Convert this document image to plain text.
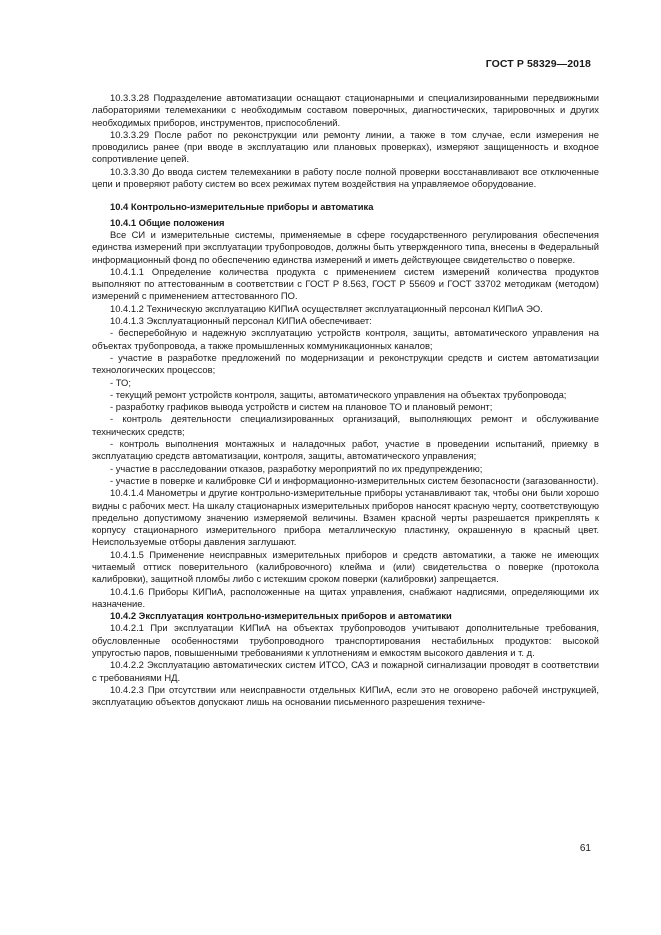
ГОСТ Р 58329—2018

10.3.3.28 Подразделение автоматизации оснащают стационарными и специализированными передвижными лабораториями телемеханики с необходимым составом поверочных, диагностических, тарировочных и других необходимых приборов, инструментов, приспособлений.

10.3.3.29 После работ по реконструкции или ремонту линии, а также в том случае, если измерения не проводились ранее (при вводе в эксплуатацию или плановых проверках), измеряют защищенность и входное сопротивление цепей.

10.3.3.30 До ввода систем телемеханики в работу после полной проверки восстанавливают все отключенные цепи и проверяют работу систем во всех режимах путем воздействия на управляемое оборудование.

10.4 Контрольно-измерительные приборы и автоматика

10.4.1 Общие положения

Все СИ и измерительные системы, применяемые в сфере государственного регулирования обеспечения единства измерений при эксплуатации трубопроводов, должны быть утвержденного типа, внесены в Федеральный информационный фонд по обеспечению единства измерений и иметь действующее свидетельство о поверке.

10.4.1.1 Определение количества продукта с применением систем измерений количества продуктов выполняют по аттестованным в соответствии с ГОСТ Р 8.563, ГОСТ Р 55609 и ГОСТ 33702 методикам (методом) измерений с применением аттестованного ПО.

10.4.1.2 Техническую эксплуатацию КИПиА осуществляет эксплуатационный персонал КИПиА ЭО.

10.4.1.3 Эксплуатационный персонал КИПиА обеспечивает:

- бесперебойную и надежную эксплуатацию устройств контроля, защиты, автоматического управления на объектах трубопровода, а также промышленных коммуникационных каналов;

- участие в разработке предложений по модернизации и реконструкции средств и систем автоматизации технологических процессов;

- ТО;

- текущий ремонт устройств контроля, защиты, автоматического управления на объектах трубопровода;

- разработку графиков вывода устройств и систем на плановое ТО и плановый ремонт;

- контроль деятельности специализированных организаций, выполняющих ремонт и обслуживание технических средств;

- контроль выполнения монтажных и наладочных работ, участие в проведении испытаний, приемку в эксплуатацию средств автоматизации, контроля, защиты, автоматического управления;

- участие в расследовании отказов, разработку мероприятий по их предупреждению;

- участие в поверке и калибровке СИ и информационно-измерительных систем безопасности (загазованности).

10.4.1.4 Манометры и другие контрольно-измерительные приборы устанавливают так, чтобы они были хорошо видны с рабочих мест. На шкалу стационарных измерительных приборов наносят красную черту, соответствующую предельно допустимому значению измеряемой величины. Взамен красной черты разрешается прикреплять к корпусу стационарного измерительного прибора металлическую пластинку, окрашенную в красный цвет. Неиспользуемые отборы давления заглушают.

10.4.1.5 Применение неисправных измерительных приборов и средств автоматики, а также не имеющих читаемый оттиск поверительного (калибровочного) клейма и (или) свидетельства о поверке (протокола калибровки), защитной пломбы либо с истекшим сроком поверки (калибровки) запрещается.

10.4.1.6 Приборы КИПиА, расположенные на щитах управления, снабжают надписями, определяющими их назначение.

10.4.2 Эксплуатация контрольно-измерительных приборов и автоматики

10.4.2.1 При эксплуатации КИПиА на объектах трубопроводов учитывают дополнительные требования, обусловленные особенностями трубопроводного транспортирования нестабильных продуктов: высокой упругостью паров, повышенными требованиями к уплотнениям и емкостям высокого давления и т. д.

10.4.2.2 Эксплуатацию автоматических систем ИТСО, САЗ и пожарной сигнализации проводят в соответствии с требованиями НД.

10.4.2.3 При отсутствии или неисправности отдельных КИПиА, если это не оговорено рабочей инструкцией, эксплуатацию объектов допускают лишь на основании письменного разрешения техниче-

61
